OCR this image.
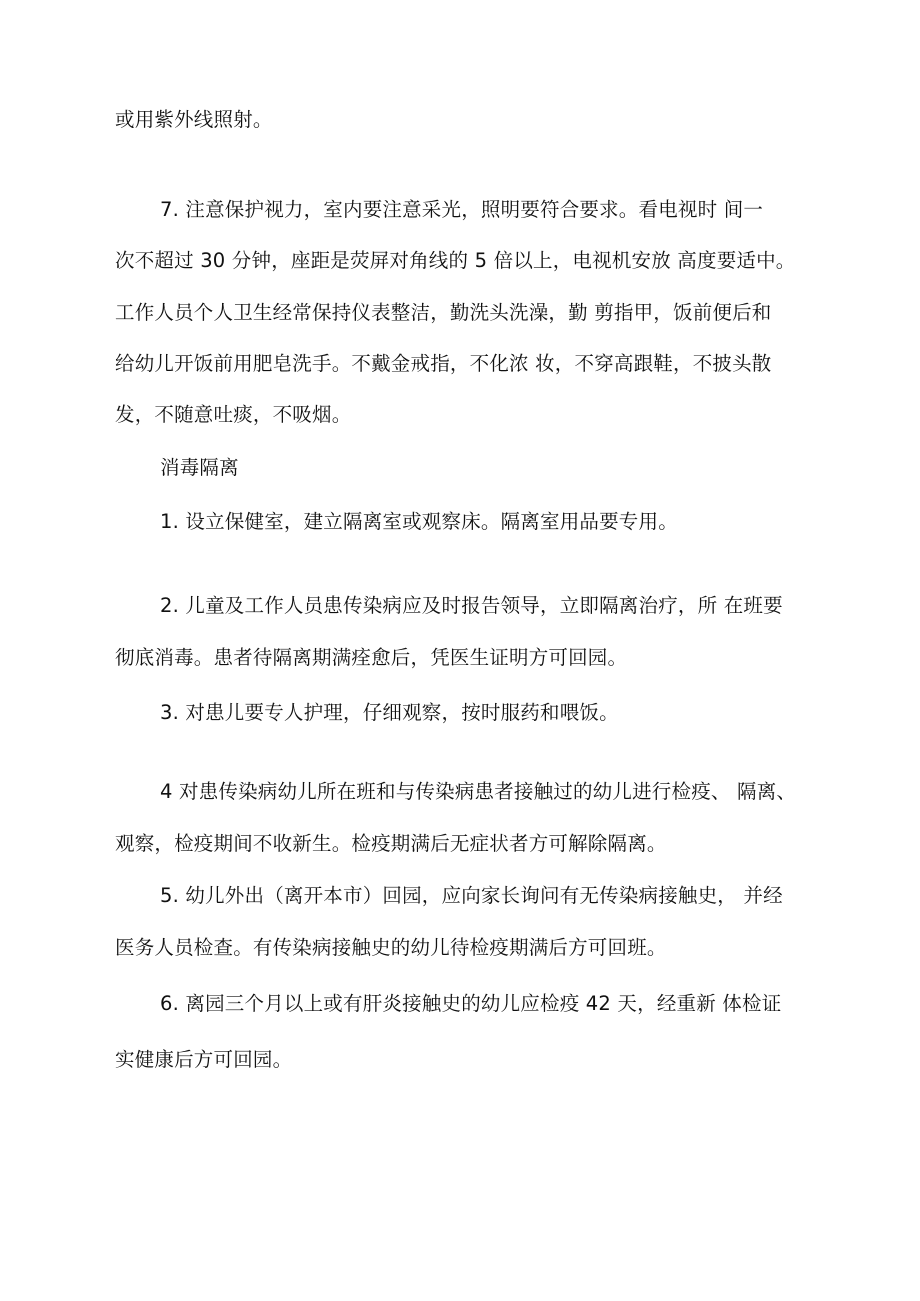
或用紫外线照射。
7. 注意保护视力，室内要注意采光，照明要符合要求。看电视时 间一
次不超过 30 分钟，座距是荧屏对角线的 5 倍以上，电视机安放 高度要适中。
工作人员个人卫生经常保持仪表整洁，勤洗头洗澡，勤 剪指甲，饭前便后和
给幼儿开饭前用肥皂洗手。不戴金戒指，不化浓 妆，不穿高跟鞋，不披头散
发，不随意吐痰，不吸烟。
消毒隔离
1. 设立保健室，建立隔离室或观察床。隔离室用品要专用。
2. 儿童及工作人员患传染病应及时报告领导，立即隔离治疗，所 在班要
彻底消毒。患者待隔离期满痊愈后，凭医生证明方可回园。
3. 对患儿要专人护理，仔细观察，按时服药和喂饭。
4 对患传染病幼儿所在班和与传染病患者接触过的幼儿进行检疫、 隔离、
观察，检疫期间不收新生。检疫期满后无症状者方可解除隔离。
5. 幼儿外出（离开本市）回园，应向家长询问有无传染病接触史， 并经
医务人员检查。有传染病接触史的幼儿待检疫期满后方可回班。
6. 离园三个月以上或有肝炎接触史的幼儿应检疫 42 天，经重新 体检证
实健康后方可回园。
